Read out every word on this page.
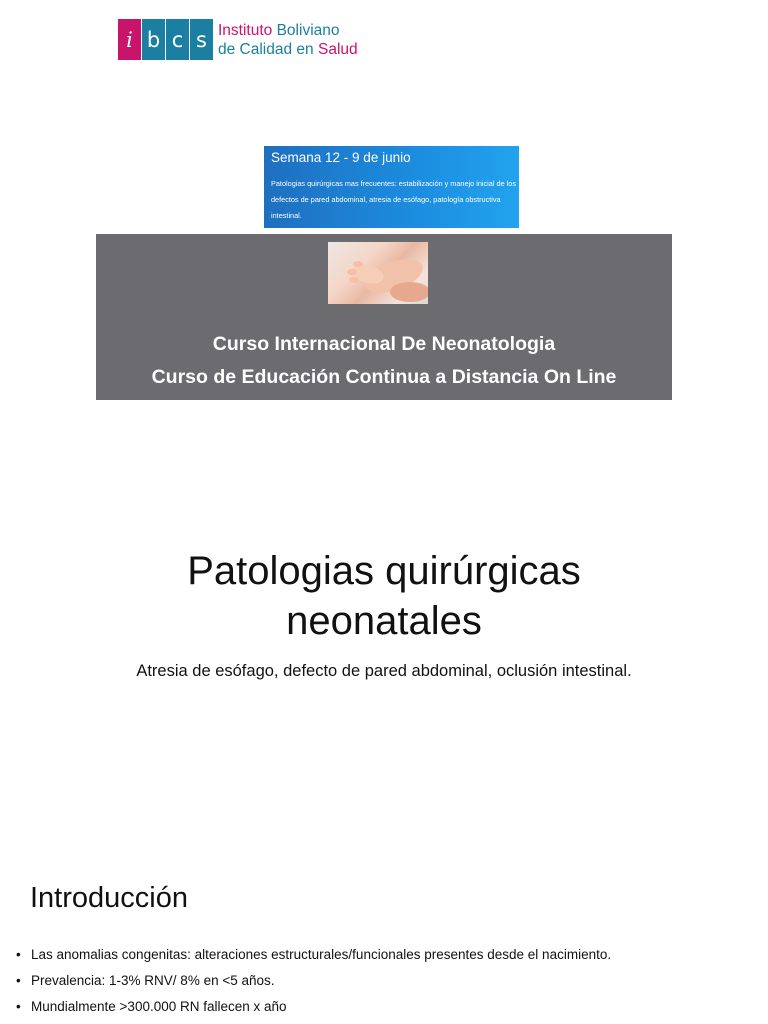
i b c s Instituto Boliviano
de Calidad en Salud
Semana 12 - 9 de junio
Patologias quirúrgicas mas frecuentes: estabilización y manejo inicial de los defectos de pared abdominal, atresia de esófago, patología obstructiva intestinal.
Curso Internacional De Neonatologia
Curso de Educación Continua a Distancia On Line
Patologias quirúrgicas
neonatales
Atresia de esófago, defecto de pared abdominal, oclusión intestinal.
Introducción
• Las anomalias congenitas: alteraciones estructurales/funcionales presentes desde el nacimiento.
• Prevalencia: 1-3% RNV/ 8% en <5 años.
• Mundialmente >300.000 RN fallecen x año
